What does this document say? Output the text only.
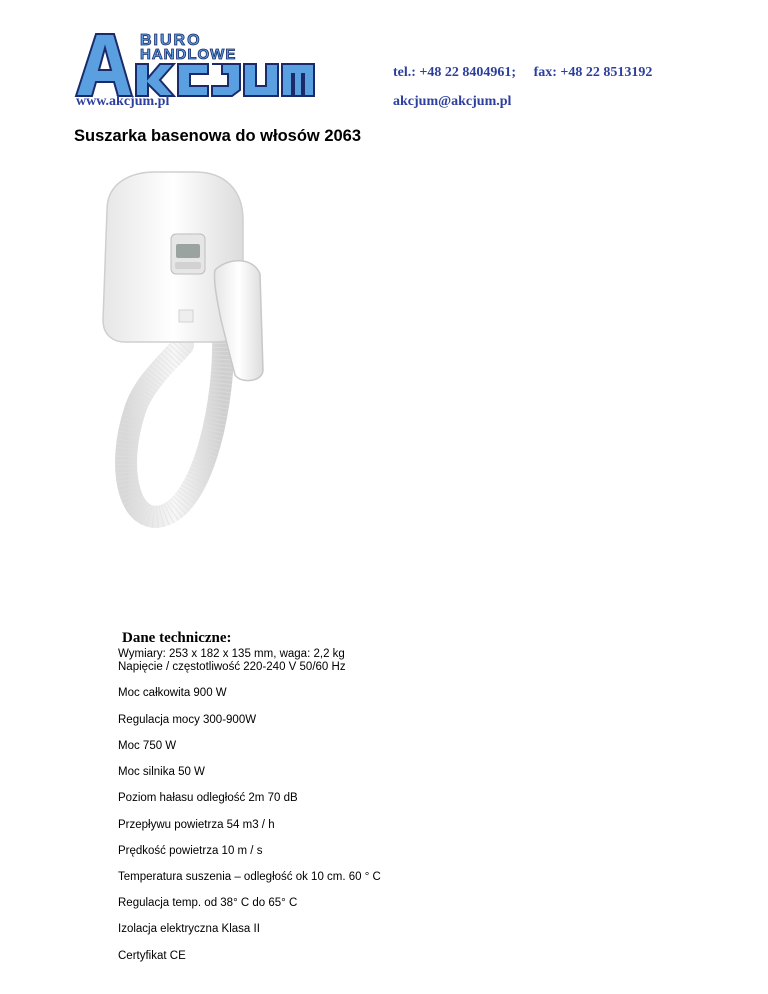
BIURO
HANDLOWE
www.akcjum.pl
tel.: +48 22 8404961; fax: +48 22 8513192
akcjum@akcjum.pl
Suszarka basenowa do włosów 2063
Dane techniczne:
Wymiary: 253 x 182 x 135 mm, waga: 2,2 kg
Napięcie / częstotliwość 220-240 V 50/60 Hz
Moc całkowita 900 W
Regulacja mocy 300-900W
Moc 750 W
Moc silnika 50 W
Poziom hałasu odległość 2m 70 dB
Przepływu powietrza 54 m3 / h
Prędkość powietrza 10 m / s
Temperatura suszenia – odległość ok 10 cm. 60 ° C
Regulacja temp. od 38° C do 65° C
Izolacja elektryczna Klasa II
Certyfikat CE
